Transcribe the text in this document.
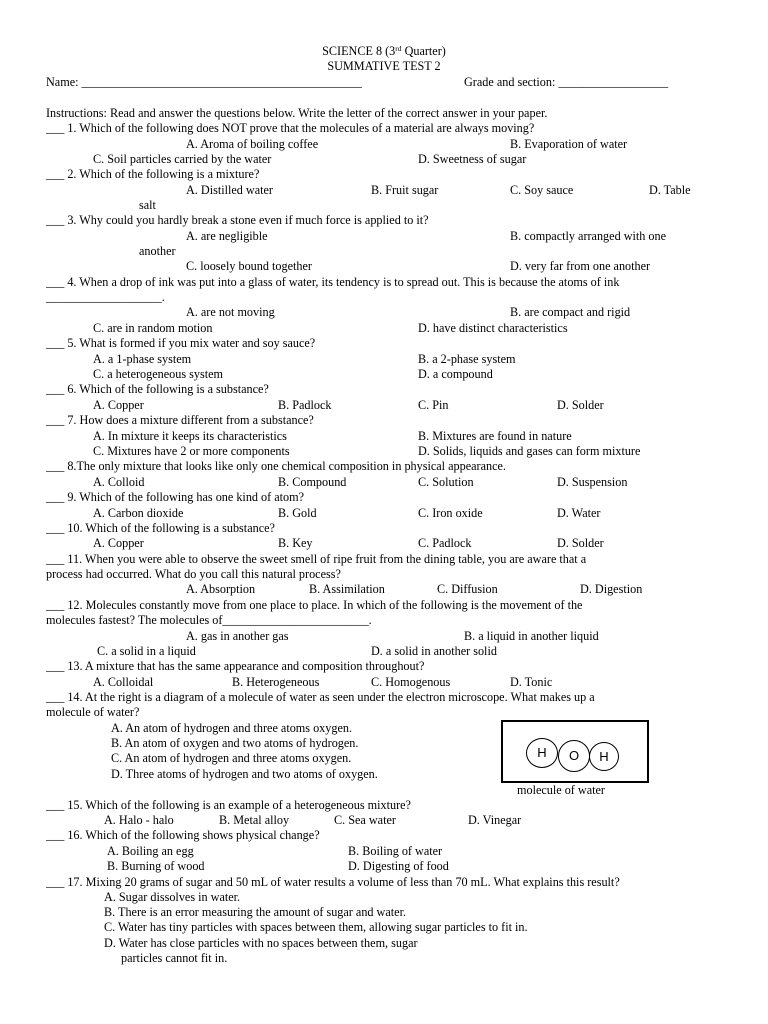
SCIENCE 8 (3rd Quarter)
SUMMATIVE TEST 2
Name: ______________________________________________	Grade and section: __________________
Instructions: Read and answer the questions below. Write the letter of the correct answer in your paper.
___ 1. Which of the following does NOT prove that the molecules of a material are always moving?
A. Aroma of boiling coffee	B. Evaporation of water
C. Soil particles carried by the water	D. Sweetness of sugar
___ 2. Which of the following is a mixture?
A. Distilled water	B. Fruit sugar	C. Soy sauce	D. Table
salt
___ 3. Why could you hardly break a stone even if much force is applied to it?
A. are negligible	B. compactly arranged with one
another
C. loosely bound together	D. very far from one another
___ 4. When a drop of ink was put into a glass of water, its tendency is to spread out. This is because the atoms of ink
___________________.
A. are not moving	B. are compact and rigid
C. are in random motion	D. have distinct characteristics
___ 5. What is formed if you mix water and soy sauce?
A. a 1-phase system	B. a 2-phase system
C. a heterogeneous system	D. a compound
___ 6. Which of the following is a substance?
A. Copper	B. Padlock	C. Pin	D. Solder
___ 7. How does a mixture different from a substance?
A. In mixture it keeps its characteristics	B. Mixtures are found in nature
C. Mixtures have 2 or more components	D. Solids, liquids and gases can form mixture
___ 8.The only mixture that looks like only one chemical composition in physical appearance.
A. Colloid	B. Compound	C. Solution	D. Suspension
___ 9. Which of the following has one kind of atom?
A. Carbon dioxide	B. Gold	C. Iron oxide	D. Water
___ 10. Which of the following is a substance?
A. Copper	B. Key	C. Padlock	D. Solder
___ 11. When you were able to observe the sweet smell of ripe fruit from the dining table, you are aware that a
process had occurred. What do you call this natural process?
A. Absorption	B. Assimilation	C. Diffusion	D. Digestion
___ 12. Molecules constantly move from one place to place. In which of the following is the movement of the
molecules fastest? The molecules of________________________.
A. gas in another gas	B. a liquid in another liquid
C. a solid in a liquid	D. a solid in another solid
___ 13. A mixture that has the same appearance and composition throughout?
A. Colloidal	B. Heterogeneous	C. Homogenous	D. Tonic
___ 14. At the right is a diagram of a molecule of water as seen under the electron microscope. What makes up a
molecule of water?
A. An atom of hydrogen and three atoms oxygen.
B. An atom of oxygen and two atoms of hydrogen.
C. An atom of hydrogen and three atoms oxygen.
D. Three atoms of hydrogen and two atoms of oxygen.
H	H
O
molecule of water
___ 15. Which of the following is an example of a heterogeneous mixture?
A. Halo - halo	B. Metal alloy	C. Sea water	D. Vinegar
___ 16. Which of the following shows physical change?
A. Boiling an egg	B. Boiling of water
B. Burning of wood	D. Digesting of food
___ 17. Mixing 20 grams of sugar and 50 mL of water results a volume of less than 70 mL. What explains this result?
A. Sugar dissolves in water.
B. There is an error measuring the amount of sugar and water.
C. Water has tiny particles with spaces between them, allowing sugar particles to fit in.
D. Water has close particles with no spaces between them, sugar
particles cannot fit in.
